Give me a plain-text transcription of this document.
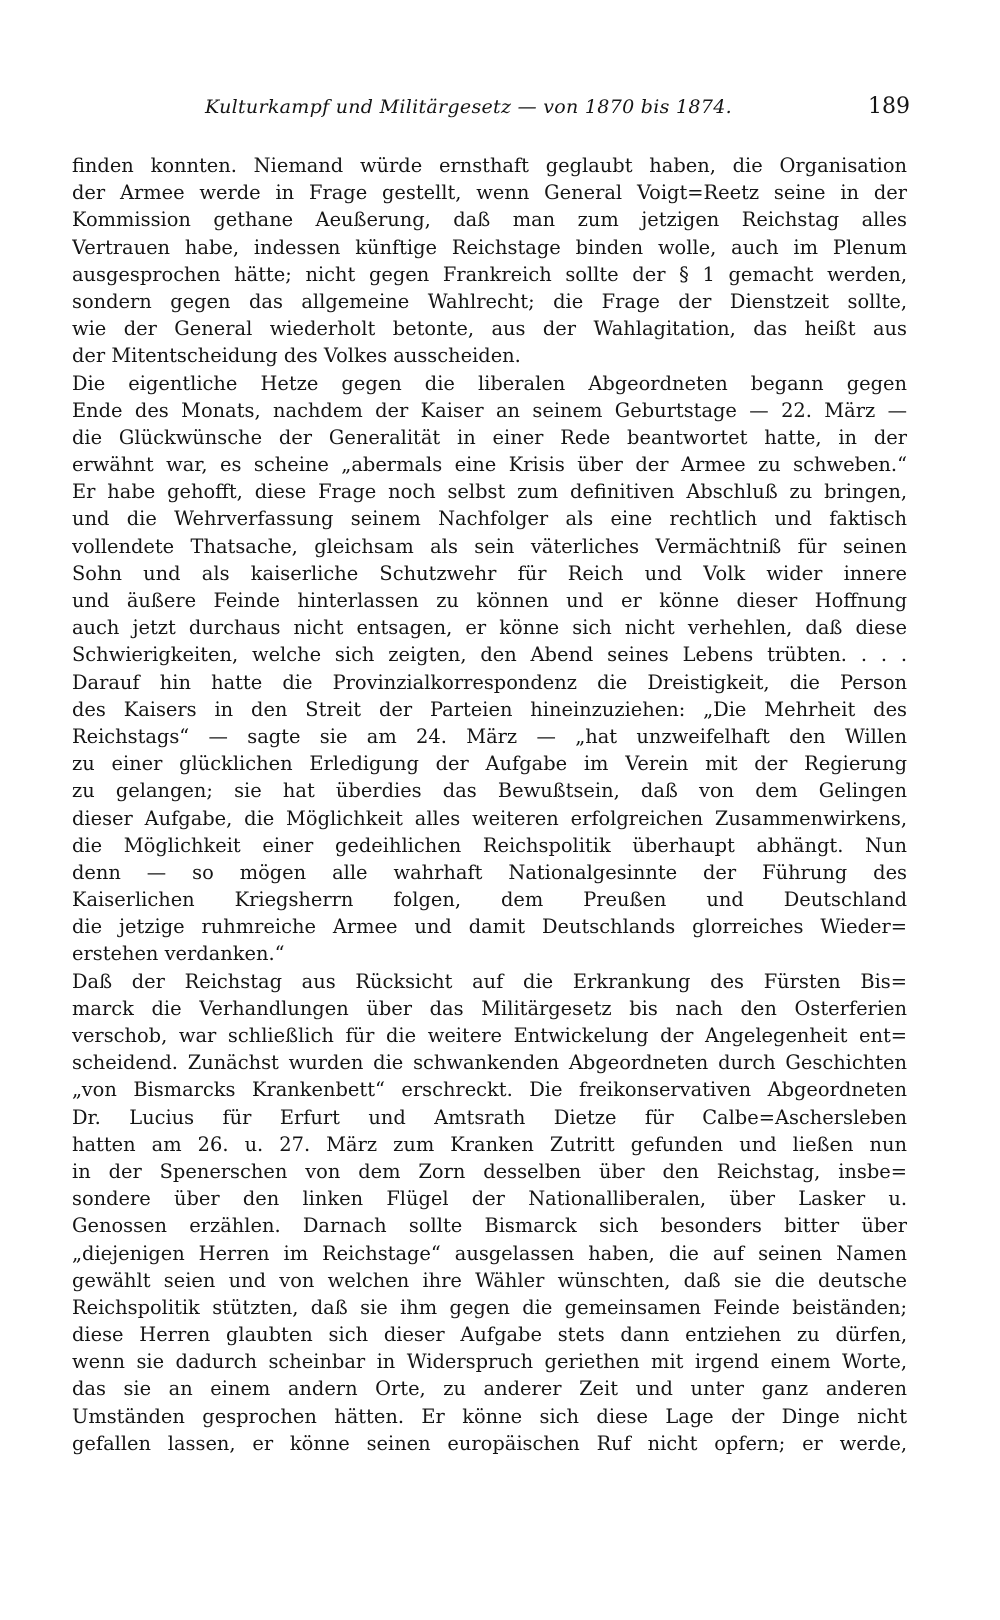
Kulturkampf und Militärgesetz — von 1870 bis 1874.	189
finden konnten. Niemand würde ernsthaft geglaubt haben, die Organisation
der Armee werde in Frage gestellt, wenn General Voigt=Reetz seine in der
Kommission gethane Aeußerung, daß man zum jetzigen Reichstag alles
Vertrauen habe, indessen künftige Reichstage binden wolle, auch im Plenum
ausgesprochen hätte; nicht gegen Frankreich sollte der § 1 gemacht werden,
sondern gegen das allgemeine Wahlrecht; die Frage der Dienstzeit sollte,
wie der General wiederholt betonte, aus der Wahlagitation, das heißt aus
der Mitentscheidung des Volkes ausscheiden.
Die eigentliche Hetze gegen die liberalen Abgeordneten begann gegen
Ende des Monats, nachdem der Kaiser an seinem Geburtstage — 22. März —
die Glückwünsche der Generalität in einer Rede beantwortet hatte, in der
erwähnt war, es scheine „abermals eine Krisis über der Armee zu schweben.“
Er habe gehofft, diese Frage noch selbst zum definitiven Abschluß zu bringen,
und die Wehrverfassung seinem Nachfolger als eine rechtlich und faktisch
vollendete Thatsache, gleichsam als sein väterliches Vermächtniß für seinen
Sohn und als kaiserliche Schutzwehr für Reich und Volk wider innere
und äußere Feinde hinterlassen zu können und er könne dieser Hoffnung
auch jetzt durchaus nicht entsagen, er könne sich nicht verhehlen, daß diese
Schwierigkeiten, welche sich zeigten, den Abend seines Lebens trübten. . . .
Darauf hin hatte die Provinzialkorrespondenz die Dreistigkeit, die Person
des Kaisers in den Streit der Parteien hineinzuziehen: „Die Mehrheit des
Reichstags“ — sagte sie am 24. März — „hat unzweifelhaft den Willen
zu einer glücklichen Erledigung der Aufgabe im Verein mit der Regierung
zu gelangen; sie hat überdies das Bewußtsein, daß von dem Gelingen
dieser Aufgabe, die Möglichkeit alles weiteren erfolgreichen Zusammenwirkens,
die Möglichkeit einer gedeihlichen Reichspolitik überhaupt abhängt. Nun
denn — so mögen alle wahrhaft Nationalgesinnte der Führung des
Kaiserlichen Kriegsherrn folgen, dem Preußen und Deutschland
die jetzige ruhmreiche Armee und damit Deutschlands glorreiches Wieder=
erstehen verdanken.“
Daß der Reichstag aus Rücksicht auf die Erkrankung des Fürsten Bis=
marck die Verhandlungen über das Militärgesetz bis nach den Osterferien
verschob, war schließlich für die weitere Entwickelung der Angelegenheit ent=
scheidend. Zunächst wurden die schwankenden Abgeordneten durch Geschichten
„von Bismarcks Krankenbett“ erschreckt. Die freikonservativen Abgeordneten
Dr. Lucius für Erfurt und Amtsrath Dietze für Calbe=Aschersleben
hatten am 26. u. 27. März zum Kranken Zutritt gefunden und ließen nun
in der Spenerschen von dem Zorn desselben über den Reichstag, insbe=
sondere über den linken Flügel der Nationalliberalen, über Lasker u.
Genossen erzählen. Darnach sollte Bismarck sich besonders bitter über
„diejenigen Herren im Reichstage“ ausgelassen haben, die auf seinen Namen
gewählt seien und von welchen ihre Wähler wünschten, daß sie die deutsche
Reichspolitik stützten, daß sie ihm gegen die gemeinsamen Feinde beiständen;
diese Herren glaubten sich dieser Aufgabe stets dann entziehen zu dürfen,
wenn sie dadurch scheinbar in Widerspruch geriethen mit irgend einem Worte,
das sie an einem andern Orte, zu anderer Zeit und unter ganz anderen
Umständen gesprochen hätten. Er könne sich diese Lage der Dinge nicht
gefallen lassen, er könne seinen europäischen Ruf nicht opfern; er werde,
